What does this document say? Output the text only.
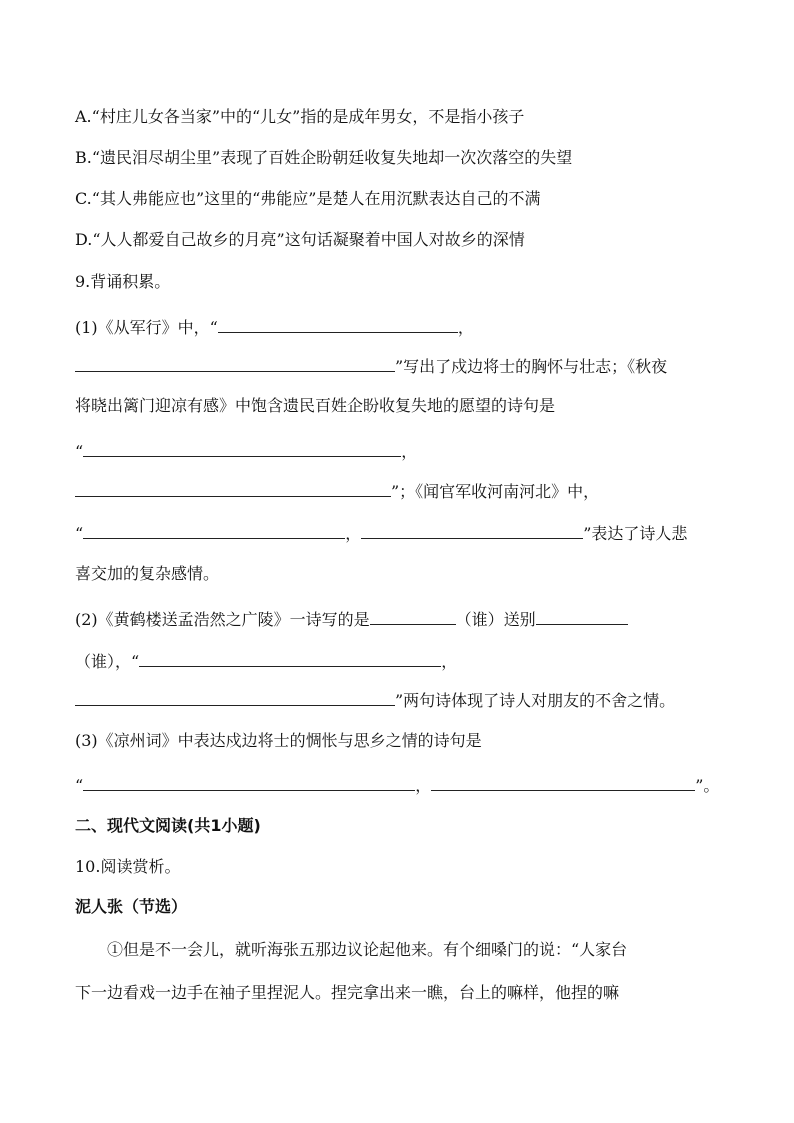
A.“村庄儿女各当家”中的“儿女”指的是成年男女，不是指小孩子
B.“遗民泪尽胡尘里”表现了百姓企盼朝廷收复失地却一次次落空的失望
C.“其人弗能应也”这里的“弗能应”是楚人在用沉默表达自己的不满
D.“人人都爱自己故乡的月亮”这句话凝聚着中国人对故乡的深情
9.背诵积累。
(1)《从军行》中，“	，
”写出了戍边将士的胸怀与壮志；《秋夜
将晓出篱门迎凉有感》中饱含遗民百姓企盼收复失地的愿望的诗句是
“	，
”；《闻官军收河南河北》中，
“	，	”表达了诗人悲
喜交加的复杂感情。
(2)《黄鹤楼送孟浩然之广陵》一诗写的是	（谁）送别
（谁），“	，
”两句诗体现了诗人对朋友的不舍之情。
(3)《凉州词》中表达戍边将士的惆怅与思乡之情的诗句是
“	，	”。
二、现代文阅读(共1小题)
10.阅读赏析。
泥人张（节选）
①但是不一会儿，就听海张五那边议论起他来。有个细嗓门的说：“人家台
下一边看戏一边手在袖子里捏泥人。捏完拿出来一瞧，台上的嘛样，他捏的嘛
